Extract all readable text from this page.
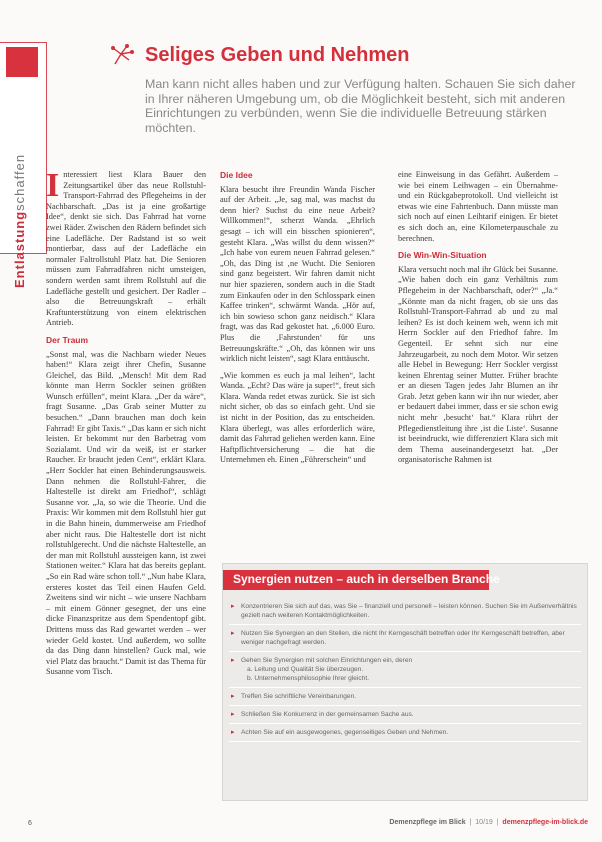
Entlastungschaffen
Seliges Geben und Nehmen

Man kann nicht alles haben und zur Verfügung halten. Schauen Sie sich daher in Ihrer näheren Umgebung um, ob die Möglichkeit besteht, sich mit anderen Einrichtungen zu verbünden, wenn Sie die individuelle Betreuung stärken möchten.

Interessiert liest Klara Bauer den Zeitungsartikel über das neue Rollstuhl-Transport-Fahrrad des Pflegeheims in der Nachbarschaft. „Das ist ja eine großartige Idee“, denkt sie sich. Das Fahrrad hat vorne zwei Räder. Zwischen den Rädern befindet sich eine Ladefläche. Der Radstand ist so weit montierbar, dass auf der Ladefläche ein normaler Faltrollstuhl Platz hat. Die Senioren müssen zum Fahrradfahren nicht umsteigen, sondern werden samt ihrem Rollstuhl auf die Ladefläche gestellt und gesichert. Der Radler – also die Betreuungskraft – erhält Kraftunterstützung von einem elektrischen Antrieb.

Der Traum

„Sonst mal, was die Nachbarn wieder Neues haben!“ Klara zeigt ihrer Chefin, Susanne Gleichel, das Bild. „Mensch! Mit dem Rad könnte man Herrn Sockler seinen größten Wunsch erfüllen“, meint Klara. „Der da wäre“, fragt Susanne. „Das Grab seiner Mutter zu besuchen.“ „Dann brauchen man doch kein Fahrrad! Er gibt Taxis.“ „Das kann er sich nicht leisten. Er bekommt nur den Barbetrag vom Sozialamt. Und wir da weiß, ist er starker Raucher. Er braucht jeden Cent“, erklärt Klara. „Herr Sockler hat einen Behinderungsausweis. Dann nehmen die Rollstuhl-Fahrer, die Haltestelle ist direkt am Friedhof“, schlägt Susanne vor. „Ja, so wie die Theorie. Und die Praxis: Wir kommen mit dem Rollstuhl hier gut in die Bahn hinein, dummerweise am Friedhof aber nicht raus. Die Haltestelle dort ist nicht rollstuhlgerecht. Und die nächste Haltestelle, an der man mit Rollstuhl aussteigen kann, ist zwei Stationen weiter.“ Klara hat das bereits geplant. „So ein Rad wäre schon toll.“ „Nun habe Klara, ersteres kostet das Teil einen Haufen Geld. Zweitens sind wir nicht – wie unsere Nachbarn – mit einem Gönner gesegnet, der uns eine dicke Finanzspritze aus dem Spendentopf gibt. Drittens muss das Rad gewartet werden – wer wieder Geld kostet. Und außerdem, wo sollte da das Ding dann hinstellen? Guck mal, wie viel Platz das braucht.“ Damit ist das Thema für Susanne vom Tisch.

Die Idee

Klara besucht ihre Freundin Wanda Fischer auf der Arbeit. „Je, sag mal, was machst du denn hier? Suchst du eine neue Arbeit? Willkommen!“, scherzt Wanda. „Ehrlich gesagt – ich will ein bisschen spionieren“, gesteht Klara. „Was willst du denn wissen?“ „Ich habe von eurem neuen Fahrrad gelesen.“ „Oh, das Ding ist ‚ne Wucht. Die Senioren sind ganz begeistert. Wir fahren damit nicht nur hier spazieren, sondern auch in die Stadt zum Einkaufen oder in den Schlosspark einen Kaffee trinken“, schwärmt Wanda. „Hör auf, ich bin sowieso schon ganz neidisch.“ Klara fragt, was das Rad gekostet hat. „6.000 Euro. Plus die ‚Fahrstunden‘ für uns Betreuungskräfte.“ „Oh, das können wir uns wirklich nicht leisten“, sagt Klara enttäuscht.

„Wie kommen es euch ja mal leihen“, lacht Wanda. „Echt? Das wäre ja super!“, freut sich Klara. Wanda redet etwas zurück. Sie ist sich nicht sicher, ob das so einfach geht. Und sie ist nicht in der Position, das zu entscheiden. Klara überlegt, was alles erforderlich wäre, damit das Fahrrad geliehen werden kann. Eine Haftpflichtversicherung – die hat die Unternehmen eh. Einen „Führerschein“ und

eine Einweisung in das Gefährt. Außerdem – wie bei einem Leihwagen – ein Übernahme- und ein Rückgabeprotokoll. Und vielleicht ist etwas wie eine Fahrtenbuch. Dann müsste man sich noch auf einen Leihtarif einigen. Er bietet es sich doch an, eine Kilometerpauschale zu berechnen.

Die Win-Win-Situation

Klara versucht noch mal ihr Glück bei Susanne. „Wie haben doch ein ganz Verhältnis zum Pflegeheim in der Nachbarschaft, oder?“ „Ja.“ „Könnte man da nicht fragen, ob sie uns das Rollstuhl-Transport-Fahrrad ab und zu mal leihen? Es ist doch keinem weh, wenn ich mit Herrn Sockler auf den Friedhof fahre. Im Gegenteil. Er sehnt sich nur eine Jahrzeugarbeit, zu noch dem Motor. Wir setzen alle Hebel in Bewegung: Herr Sockler vergisst keinen Ehrentag seiner Mutter. Früher brachte er an diesen Tagen jedes Jahr Blumen an ihr Grab. Jetzt geben kann wir ihn nur wieder, aber er bedauert dabei immer, dass er sie schon ewig nicht mehr ‚besucht‘ hat.“ Klara rührt der Pflegedienstleitung ihre ‚ist die Liste‘. Susanne ist beeindruckt, wie differenziert Klara sich mit dem Thema auseinandergesetzt hat. „Der organisatorische Rahmen ist

Synergien nutzen – auch in derselben Branche
▸ Konzentrieren Sie sich auf das, was Sie – finanziell und personell – leisten können. Suchen Sie im Außenverhältnis gezielt nach weiteren Kontaktmöglichkeiten.
▸ Nutzen Sie Synergien an den Stellen, die nicht Ihr Kerngeschäft betreffen oder Ihr Kerngeschäft betreffen, aber weniger nachgefragt werden.
▸ Gehen Sie Synergien mit solchen Einrichtungen ein, deren
a. Leitung und Qualität Sie überzeugen.
b. Unternehmensphilosophie Ihrer gleicht.
▸ Treffen Sie schriftliche Vereinbarungen.
▸ Schließen Sie Konkurrenz in der gemeinsamen Sache aus.
▸ Achten Sie auf ein ausgewogenes, gegenseitiges Geben und Nehmen.
6	Demenzpflege im Blick  |  10/19  |  demenzpflege-im-blick.de
